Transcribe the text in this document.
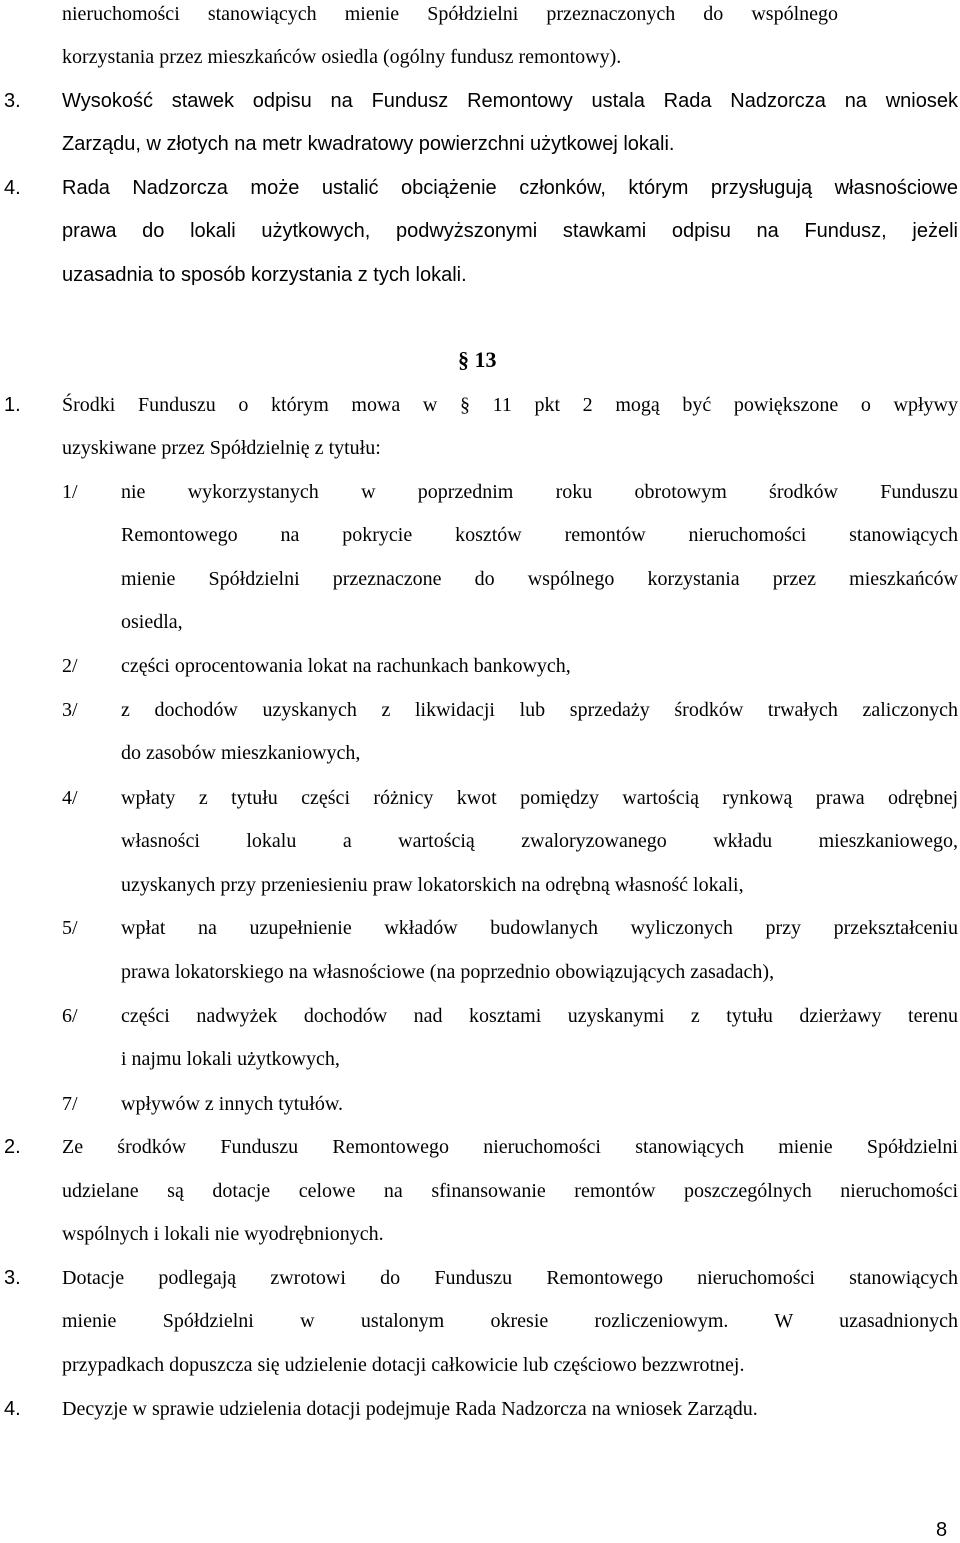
nieruchomości stanowiących mienie Spółdzielni przeznaczonych do wspólnego
korzystania przez mieszkańców osiedla (ogólny fundusz remontowy).
3. Wysokość stawek odpisu na Fundusz Remontowy ustala Rada Nadzorcza na wniosek
Zarządu, w złotych na metr kwadratowy powierzchni użytkowej lokali.
4. Rada Nadzorcza może ustalić obciążenie członków, którym przysługują własnościowe
prawa do lokali użytkowych, podwyższonymi stawkami odpisu na Fundusz, jeżeli
uzasadnia to sposób korzystania z tych lokali.
§ 13
1. Środki Funduszu o którym mowa w § 11 pkt 2 mogą być powiększone o wpływy
uzyskiwane przez Spółdzielnię z tytułu:
1/ nie wykorzystanych w poprzednim roku obrotowym środków Funduszu
Remontowego na pokrycie kosztów remontów nieruchomości stanowiących
mienie Spółdzielni przeznaczone do wspólnego korzystania przez mieszkańców
osiedla,
2/ części oprocentowania lokat na rachunkach bankowych,
3/ z dochodów uzyskanych z likwidacji lub sprzedaży środków trwałych zaliczonych
do zasobów mieszkaniowych,
4/ wpłaty z tytułu części różnicy kwot pomiędzy wartością rynkową prawa odrębnej
własności lokalu a wartością zwaloryzowanego wkładu mieszkaniowego,
uzyskanych przy przeniesieniu praw lokatorskich na odrębną własność lokali,
5/ wpłat na uzupełnienie wkładów budowlanych wyliczonych przy przekształceniu
prawa lokatorskiego na własnościowe (na poprzednio obowiązujących zasadach),
6/ części nadwyżek dochodów nad kosztami uzyskanymi z tytułu dzierżawy terenu
i najmu lokali użytkowych,
7/ wpływów z innych tytułów.
2. Ze środków Funduszu Remontowego nieruchomości stanowiących mienie Spółdzielni
udzielane są dotacje celowe na sfinansowanie remontów poszczególnych nieruchomości
wspólnych i lokali nie wyodrębnionych.
3. Dotacje podlegają zwrotowi do Funduszu Remontowego nieruchomości stanowiących
mienie Spółdzielni w ustalonym okresie rozliczeniowym. W uzasadnionych
przypadkach dopuszcza się udzielenie dotacji całkowicie lub częściowo bezzwrotnej.
4. Decyzje w sprawie udzielenia dotacji podejmuje Rada Nadzorcza na wniosek Zarządu.
8
